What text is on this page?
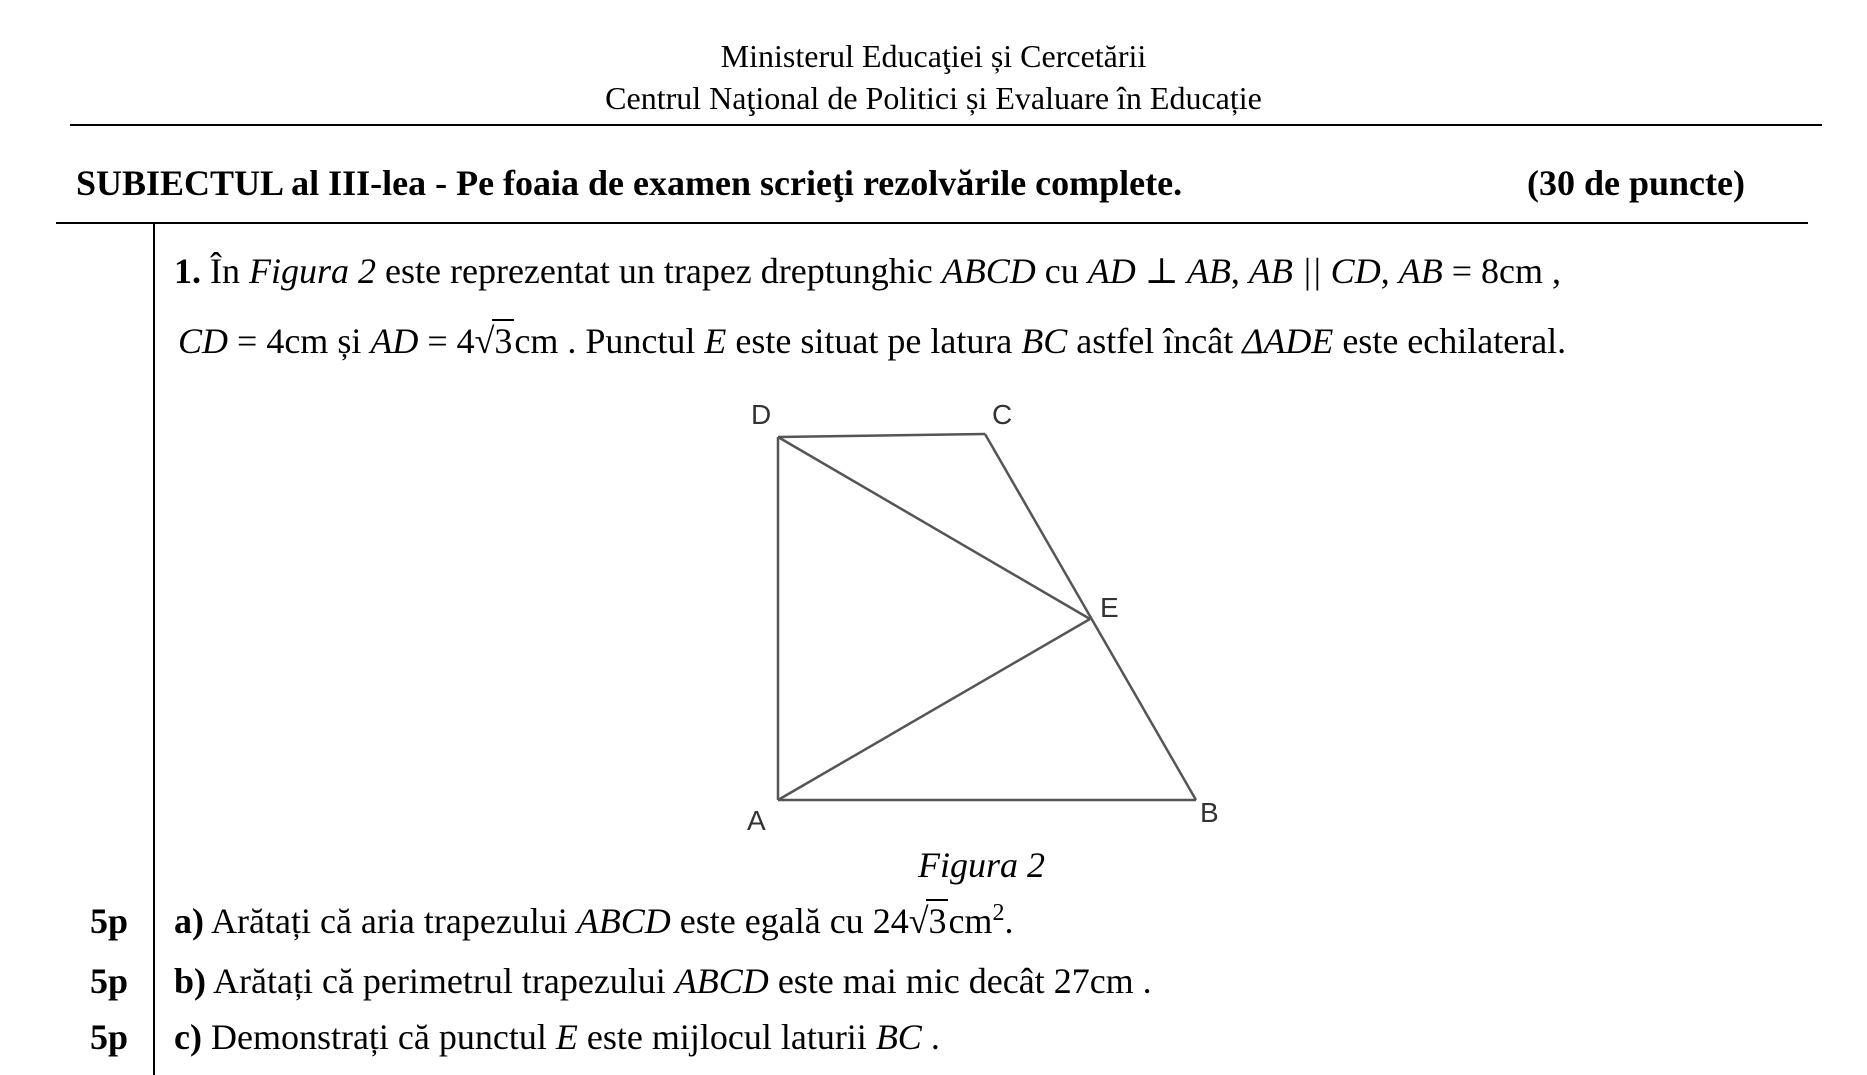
Ministerul Educaţiei și Cercetării
Centrul Naţional de Politici și Evaluare în Educație
SUBIECTUL al III-lea - Pe foaia de examen scrieţi rezolvările complete.	(30 de puncte)
1. În Figura 2 este reprezentat un trapez dreptunghic ABCD cu AD ⊥ AB, AB || CD, AB = 8cm ,
CD = 4cm și AD = 4√3cm . Punctul E este situat pe latura BC astfel încât ΔADE este echilateral.
D	C
E
A	B
Figura 2
5p a) Arătați că aria trapezului ABCD este egală cu $24√3cm^2$.
5p b) Arătați că perimetrul trapezului ABCD este mai mic decât 27cm .
5p c) Demonstrați că punctul E este mijlocul laturii BC .
